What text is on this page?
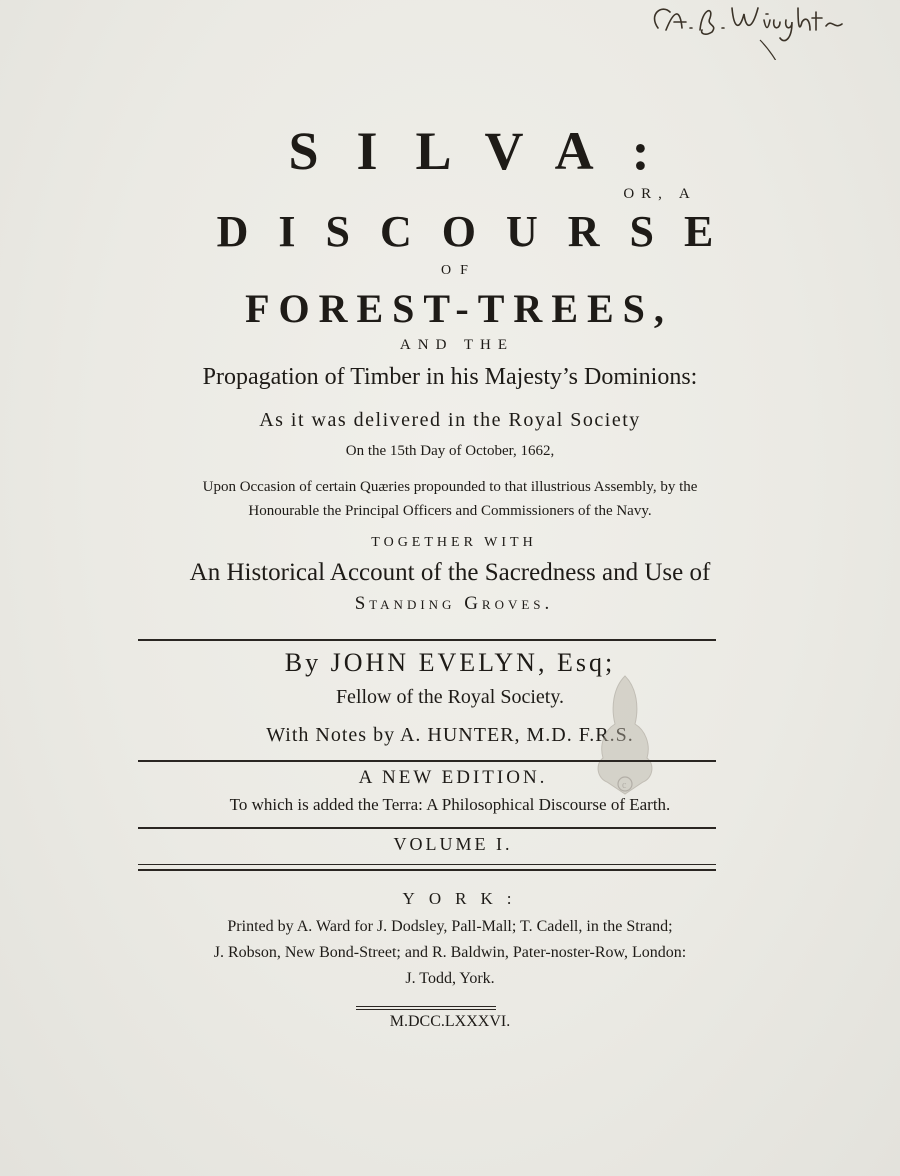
SILVA:
OR, A
DISCOURSE
OF
FOREST-TREES,
AND THE
Propagation of Timber in his Majesty’s Dominions:
As it was delivered in the Royal Society
On the 15th Day of October, 1662,
Upon Occasion of certain Quæries propounded to that illustrious Assembly, by the
Honourable the Principal Officers and Commissioners of the Navy.
TOGETHER WITH
An Historical Account of the Sacredness and Use of
Standing Groves.
By JOHN EVELYN, Esq;
Fellow of the Royal Society.
With Notes by A. HUNTER, M.D. F.R.S.
c
A NEW EDITION.
To which is added the Terra: A Philosophical Discourse of Earth.
VOLUME I.
YORK:
Printed by A. Ward for J. Dodsley, Pall-Mall; T. Cadell, in the Strand;
J. Robson, New Bond-Street; and R. Baldwin, Pater-noster-Row, London:
J. Todd, York.
M.DCC.LXXXVI.
